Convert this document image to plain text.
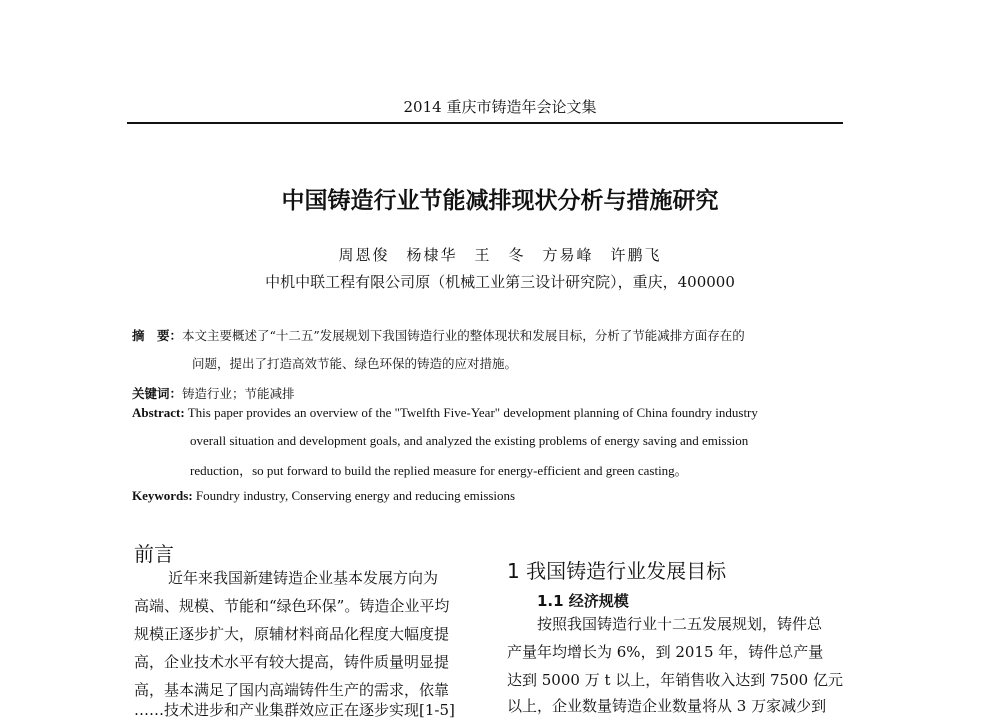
2014 重庆市铸造年会论文集
中国铸造行业节能减排现状分析与措施研究
周恩俊　杨棣华　王　冬　方易峰　许鹏飞
中机中联工程有限公司原（机械工业第三设计研究院），重庆，400000
摘　要：本文主要概述了“十二五”发展规划下我国铸造行业的整体现状和发展目标，分析了节能减排方面存在的
问题，提出了打造高效节能、绿色环保的铸造的应对措施。
关键词：铸造行业；节能减排
Abstract: This paper provides an overview of the "Twelfth Five-Year" development planning of China foundry industry
overall situation and development goals, and analyzed the existing problems of energy saving and emission
reduction，so put forward to build the replied measure for energy-efficient and green casting。
Keywords: Foundry industry, Conserving energy and reducing emissions
前言
近年来我国新建铸造企业基本发展方向为
高端、规模、节能和“绿色环保”。铸造企业平均
规模正逐步扩大，原辅材料商品化程度大幅度提
高，企业技术水平有较大提高，铸件质量明显提
高，基本满足了国内高端铸件生产的需求，依靠
……技术进步和产业集群效应正在逐步实现[1-5]
1 我国铸造行业发展目标
1.1 经济规模
按照我国铸造行业十二五发展规划，铸件总
产量年均增长为 6%，到 2015 年，铸件总产量
达到 5000 万 t 以上，年销售收入达到 7500 亿元
以上，企业数量铸造企业数量将从 3 万家减少到
